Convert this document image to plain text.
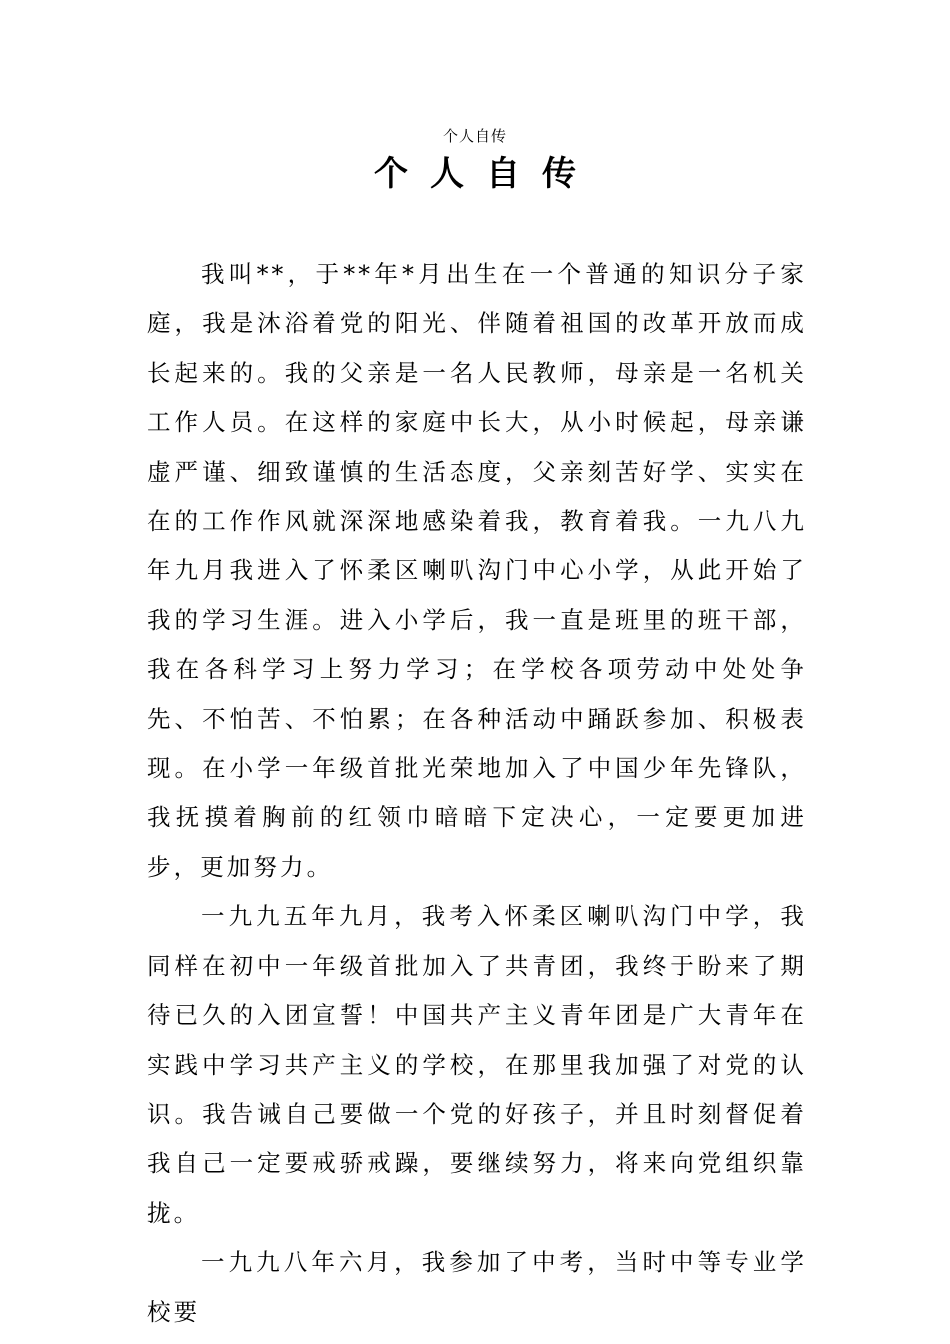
个人自传
个人自传

我叫**，于**年*月出生在一个普通的知识分子家庭，我是沐浴着党的阳光、伴随着祖国的改革开放而成长起来的。我的父亲是一名人民教师，母亲是一名机关工作人员。在这样的家庭中长大，从小时候起，母亲谦虚严谨、细致谨慎的生活态度，父亲刻苦好学、实实在在的工作作风就深深地感染着我，教育着我。一九八九年九月我进入了怀柔区喇叭沟门中心小学，从此开始了我的学习生涯。进入小学后，我一直是班里的班干部，我在各科学习上努力学习；在学校各项劳动中处处争先、不怕苦、不怕累；在各种活动中踊跃参加、积极表现。在小学一年级首批光荣地加入了中国少年先锋队，我抚摸着胸前的红领巾暗暗下定决心，一定要更加进步，更加努力。

一九九五年九月，我考入怀柔区喇叭沟门中学，我同样在初中一年级首批加入了共青团，我终于盼来了期待已久的入团宣誓！中国共产主义青年团是广大青年在实践中学习共产主义的学校，在那里我加强了对党的认识。我告诫自己要做一个党的好孩子，并且时刻督促着我自己一定要戒骄戒躁，要继续努力，将来向党组织靠拢。

一九九八年六月，我参加了中考，当时中等专业学校要
